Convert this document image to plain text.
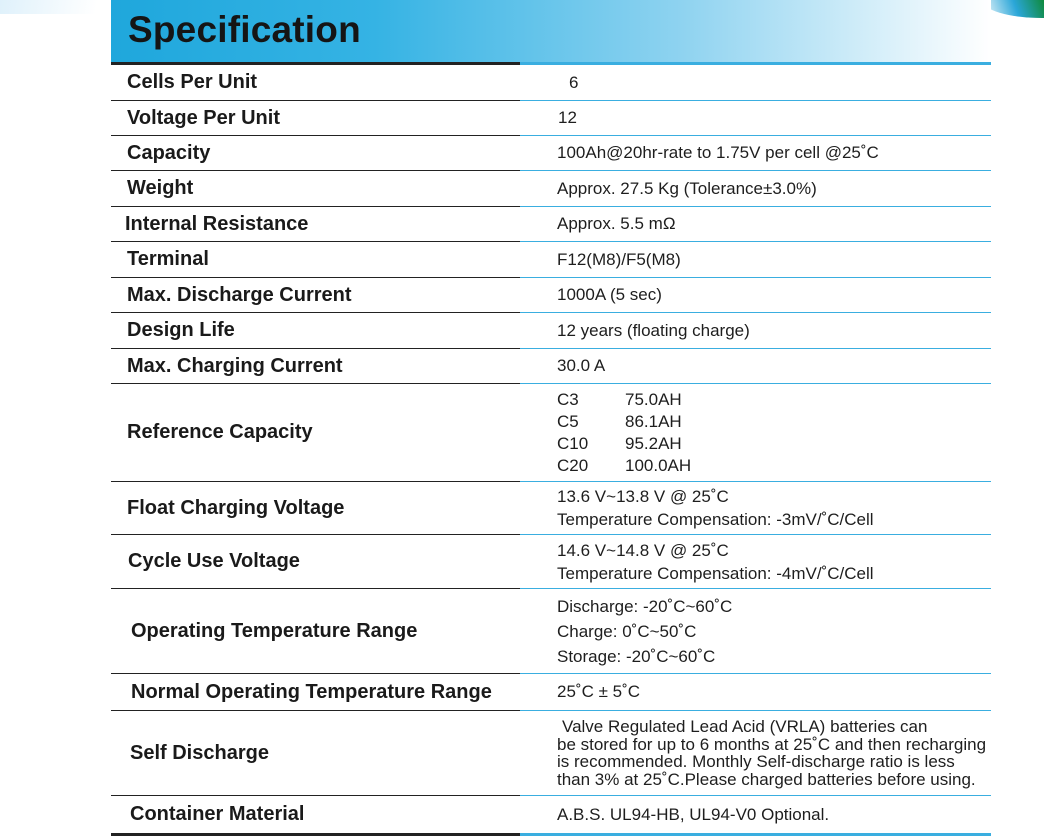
Specification
Cells Per Unit	6
Voltage Per Unit	12
Capacity	100Ah@20hr-rate to 1.75V per cell @25˚C
Weight	Approx. 27.5 Kg (Tolerance±3.0%)
Internal Resistance	Approx. 5.5 mΩ
Terminal	F12(M8)/F5(M8)
Max. Discharge Current	1000A (5 sec)
Design Life	12 years (floating charge)
Max. Charging Current	30.0 A
Reference Capacity	C3 75.0AH
C5 86.1AH
C10 95.2AH
C20 100.0AH

Float Charging Voltage	13.6 V~13.8 V @ 25˚C
Temperature Compensation: -3mV/˚C/Cell

Cycle Use Voltage	14.6 V~14.8 V @ 25˚C
Temperature Compensation: -4mV/˚C/Cell

Operating Temperature Range	Discharge: -20˚C~60˚C
Charge: 0˚C~50˚C
Storage: -20˚C~60˚C

Normal Operating Temperature Range	25˚C ± 5˚C
Self Discharge	Valve Regulated Lead Acid (VRLA) batteries can
be stored for up to 6 months at 25˚C and then recharging
is recommended. Monthly Self-discharge ratio is less
than 3% at 25˚C.Please charged batteries before using.

Container Material	A.B.S. UL94-HB, UL94-V0 Optional.
